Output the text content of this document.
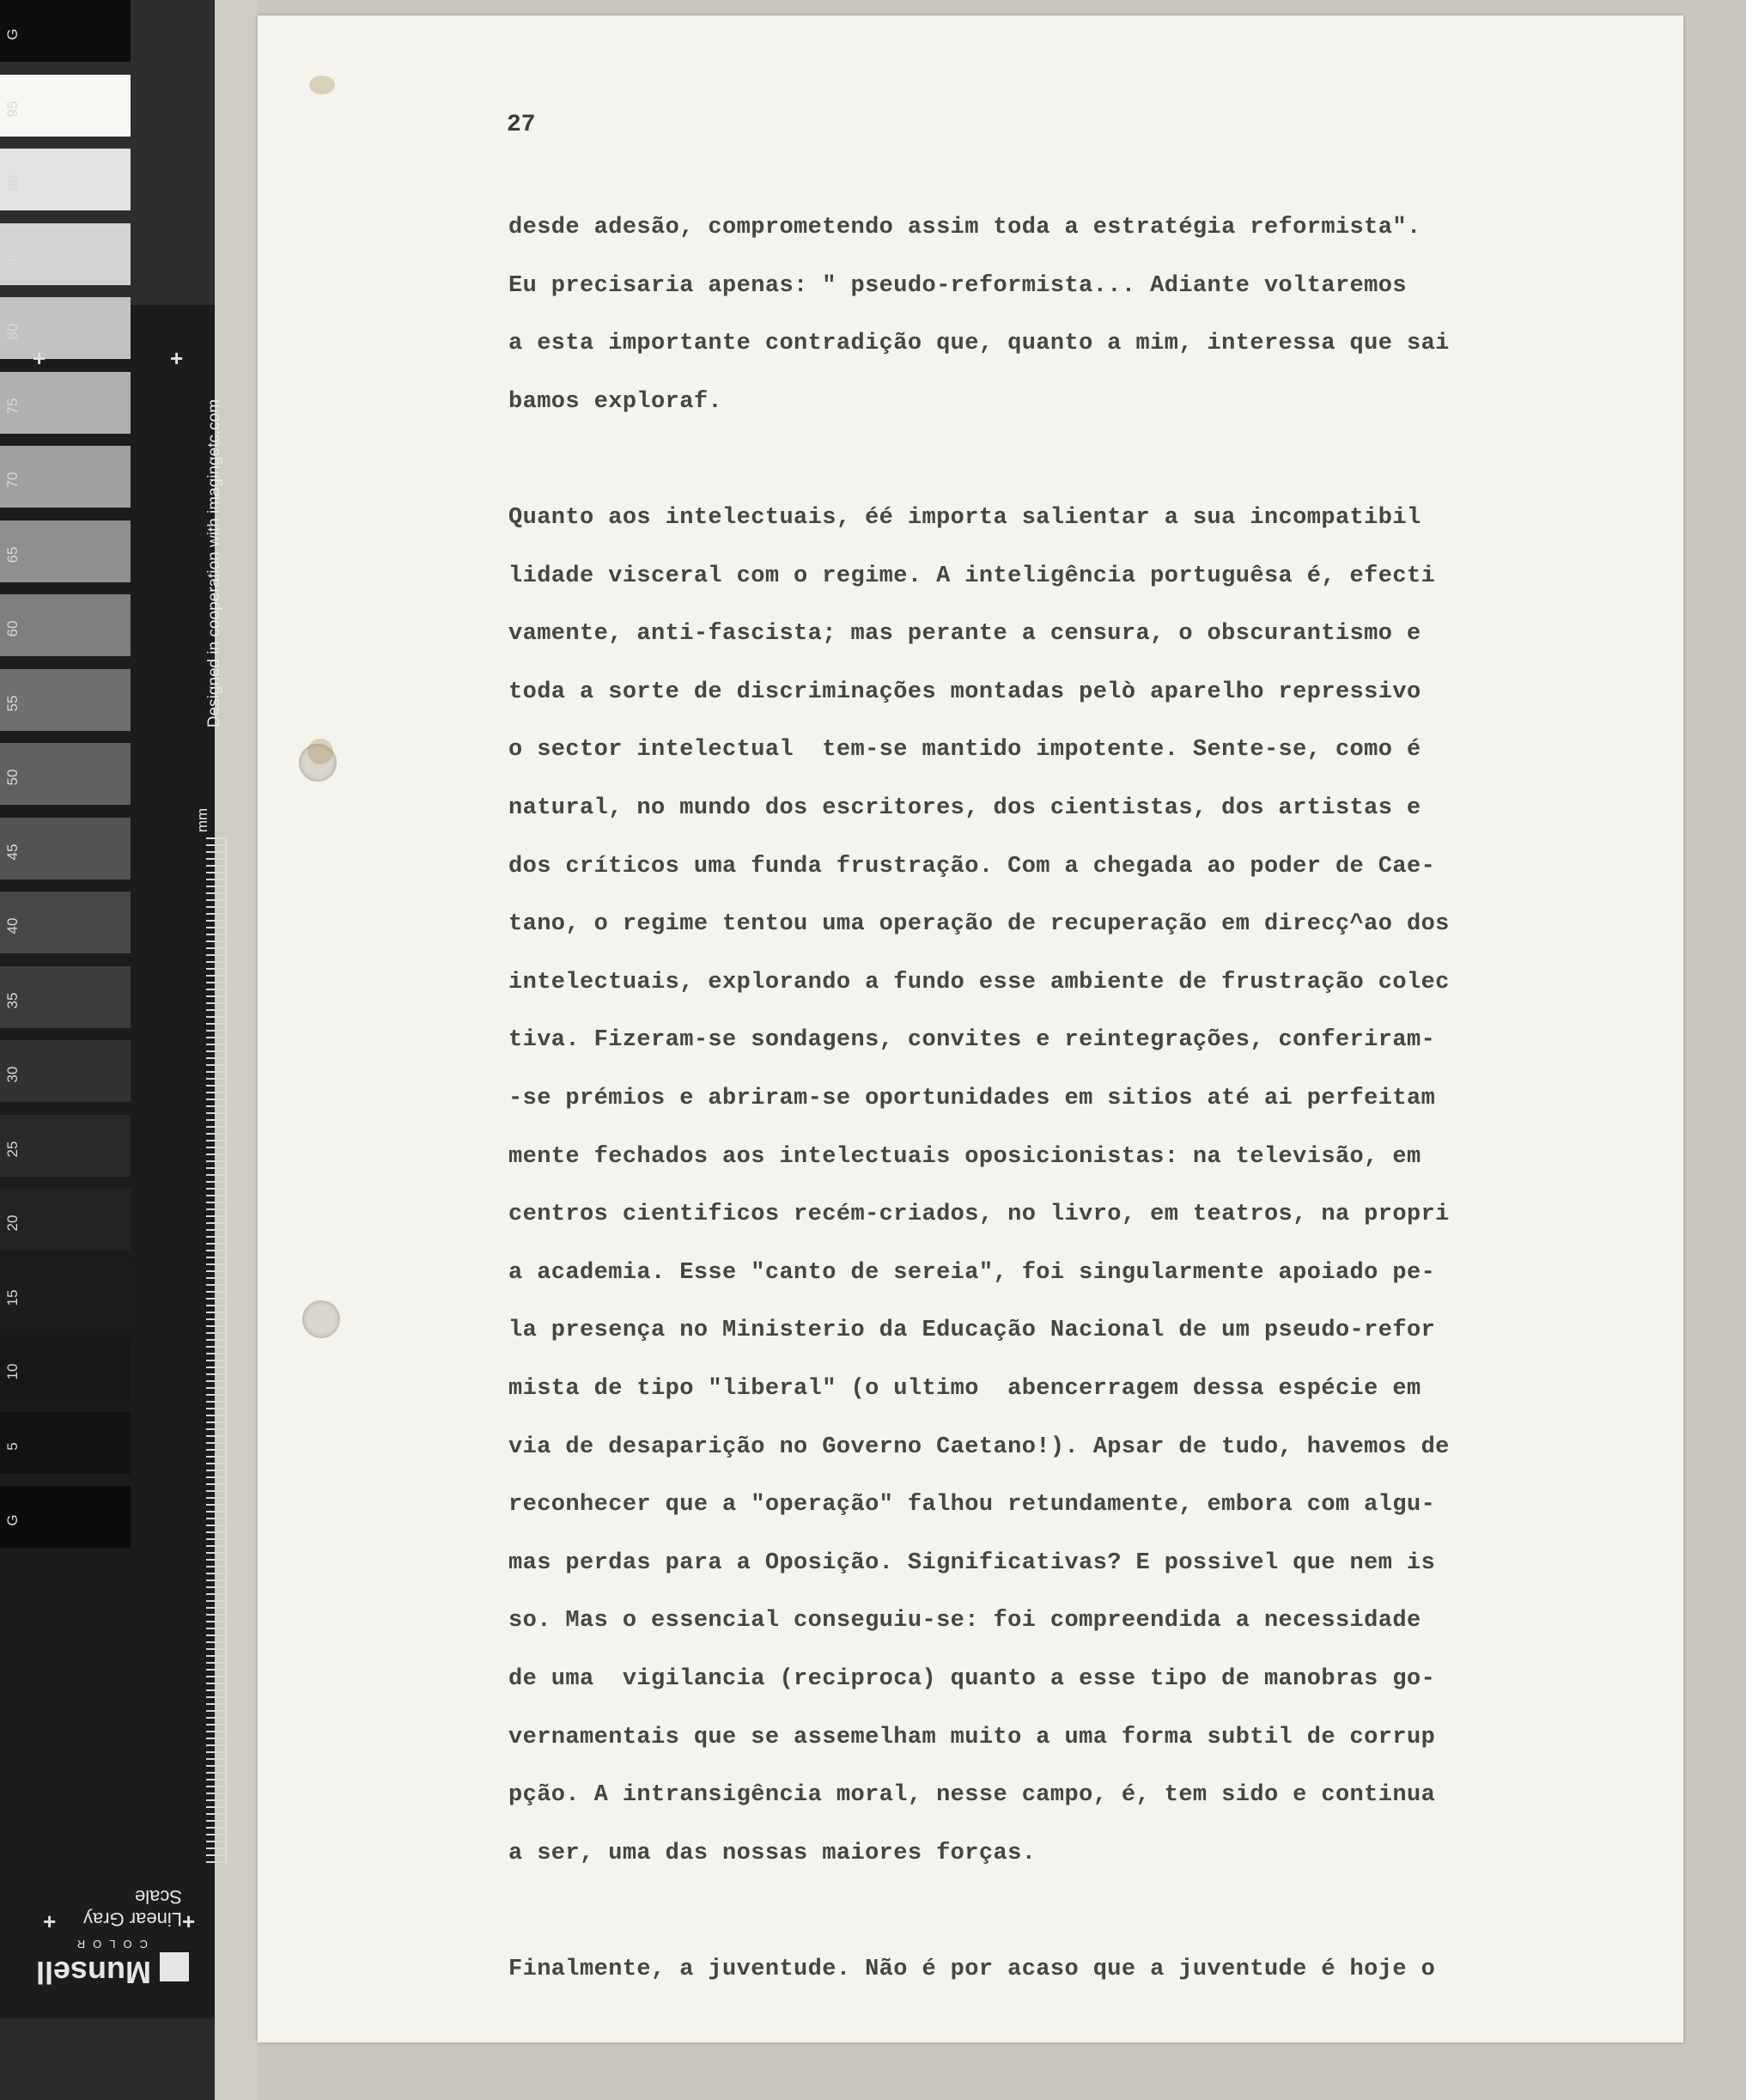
G
95
90
85
80
75
70
65
60
55
50
45
40
35
30
25
20
15
10
5
G
+	+
+	+
Designed in cooperation with imagingetc.com
mm
Munsell
COLOR
Linear Gray Scale
27
desde adesão, comprometendo assim toda a estratégia reformista".
Eu precisaria apenas: " pseudo-reformista... Adiante voltaremos
a esta importante contradição que, quanto a mim, interessa que sai
bamos exploraf.
Quanto aos intelectuais, éé importa salientar a sua incompatibil
lidade visceral com o regime. A inteligência portuguêsa é, efecti
vamente, anti-fascista; mas perante a censura, o obscurantismo e
toda a sorte de discriminações montadas pelò aparelho repressivo
o sector intelectual  tem-se mantido impotente. Sente-se, como é
natural, no mundo dos escritores, dos cientistas, dos artistas e
dos críticos uma funda frustração. Com a chegada ao poder de Cae-
tano, o regime tentou uma operação de recuperação em direcç^ao dos
intelectuais, explorando a fundo esse ambiente de frustração colec
tiva. Fizeram-se sondagens, convites e reintegrações, conferiram-
-se prémios e abriram-se oportunidades em sitios até ai perfeitam
mente fechados aos intelectuais oposicionistas: na televisão, em
centros cientificos recém-criados, no livro, em teatros, na propri
a academia. Esse "canto de sereia", foi singularmente apoiado pe-
la presença no Ministerio da Educação Nacional de um pseudo-refor
mista de tipo "liberal" (o ultimo  abencerragem dessa espécie em
via de desaparição no Governo Caetano!). Apsar de tudo, havemos de
reconhecer que a "operação" falhou retundamente, embora com algu-
mas perdas para a Oposição. Significativas? E possivel que nem is
so. Mas o essencial conseguiu-se: foi compreendida a necessidade
de uma  vigilancia (reciproca) quanto a esse tipo de manobras go-
vernamentais que se assemelham muito a uma forma subtil de corrup
pção. A intransigência moral, nesse campo, é, tem sido e continua
a ser, uma das nossas maiores forças.
Finalmente, a juventude. Não é por acaso que a juventude é hoje o
